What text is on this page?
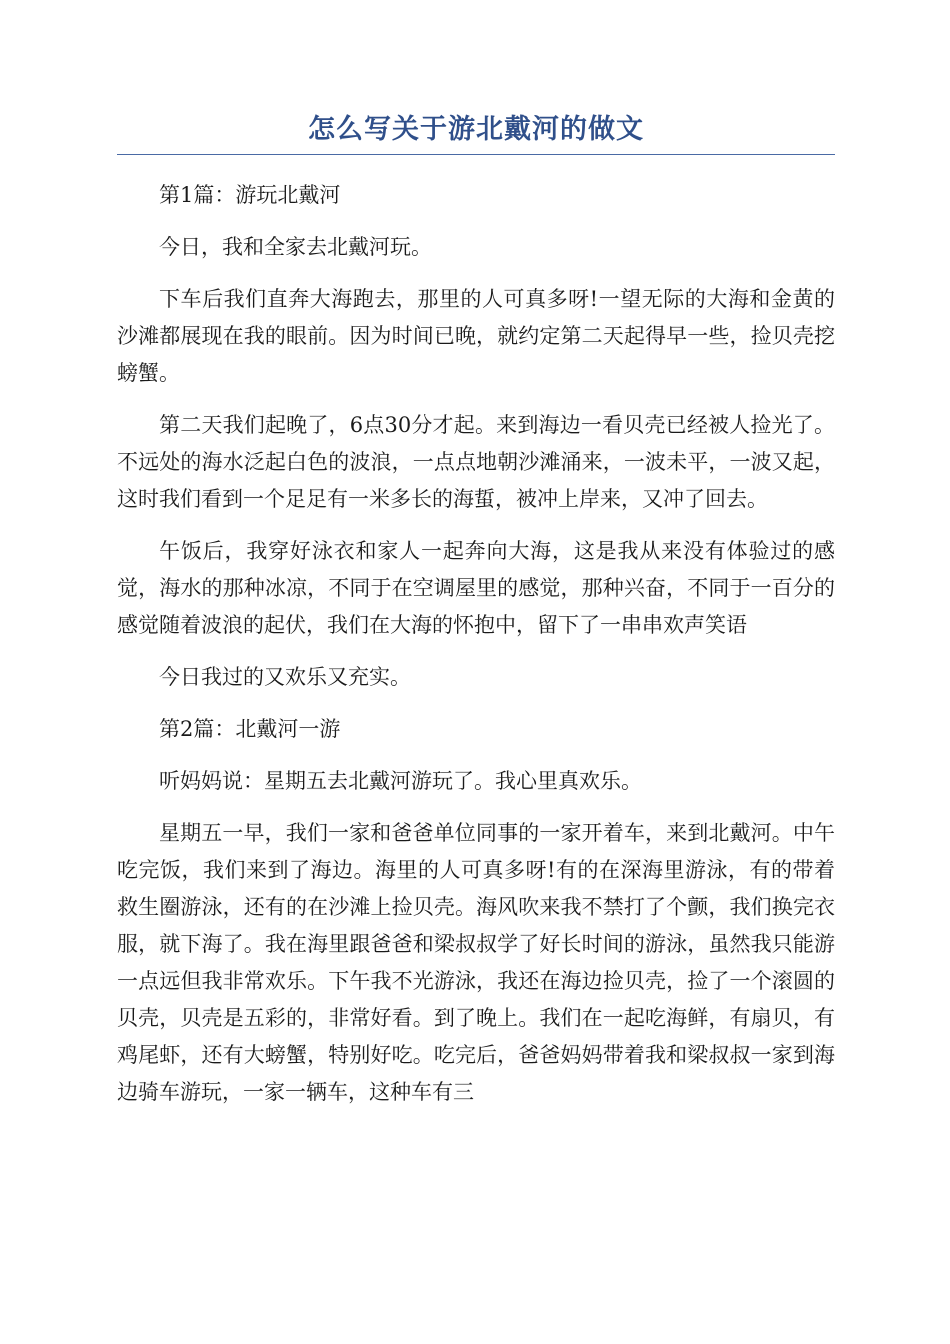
怎么写关于游北戴河的做文

第1篇：游玩北戴河

今日，我和全家去北戴河玩。

下车后我们直奔大海跑去，那里的人可真多呀!一望无际的大海和金黄的沙滩都展现在我的眼前。因为时间已晚，就约定第二天起得早一些，捡贝壳挖螃蟹。

第二天我们起晚了，6点30分才起。来到海边一看贝壳已经被人捡光了。不远处的海水泛起白色的波浪，一点点地朝沙滩涌来，一波未平，一波又起，这时我们看到一个足足有一米多长的海蜇，被冲上岸来，又冲了回去。

午饭后，我穿好泳衣和家人一起奔向大海，这是我从来没有体验过的感觉，海水的那种冰凉，不同于在空调屋里的感觉，那种兴奋，不同于一百分的感觉随着波浪的起伏，我们在大海的怀抱中，留下了一串串欢声笑语

今日我过的又欢乐又充实。

第2篇：北戴河一游

听妈妈说：星期五去北戴河游玩了。我心里真欢乐。

星期五一早，我们一家和爸爸单位同事的一家开着车，来到北戴河。中午吃完饭，我们来到了海边。海里的人可真多呀!有的在深海里游泳，有的带着救生圈游泳，还有的在沙滩上捡贝壳。海风吹来我不禁打了个颤，我们换完衣服，就下海了。我在海里跟爸爸和梁叔叔学了好长时间的游泳，虽然我只能游一点远但我非常欢乐。下午我不光游泳，我还在海边捡贝壳，捡了一个滚圆的贝壳，贝壳是五彩的，非常好看。到了晚上。我们在一起吃海鲜，有扇贝，有鸡尾虾，还有大螃蟹，特别好吃。吃完后，爸爸妈妈带着我和梁叔叔一家到海边骑车游玩，一家一辆车，这种车有三
